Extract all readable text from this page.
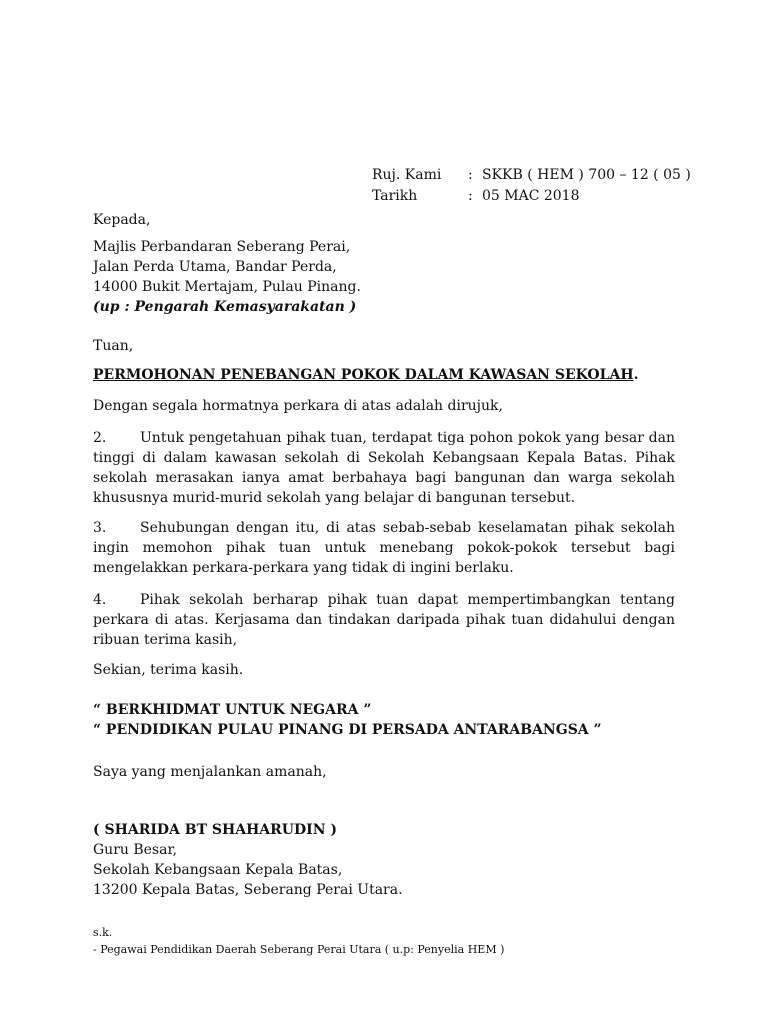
Ruj. Kami	: SKKB ( HEM ) 700 – 12 ( 05 )
Tarikh	: 05 MAC 2018
Kepada,
Majlis Perbandaran Seberang Perai,
Jalan Perda Utama, Bandar Perda,
14000 Bukit Mertajam, Pulau Pinang.
(up : Pengarah Kemasyarakatan )
Tuan,
PERMOHONAN PENEBANGAN POKOK DALAM KAWASAN SEKOLAH.
Dengan segala hormatnya perkara di atas adalah dirujuk,
2. Untuk pengetahuan pihak tuan, terdapat tiga pohon pokok yang besar dan tinggi di dalam kawasan sekolah di Sekolah Kebangsaan Kepala Batas. Pihak sekolah merasakan ianya amat berbahaya bagi bangunan dan warga sekolah khususnya murid-murid sekolah yang belajar di bangunan tersebut.
3. Sehubungan dengan itu, di atas sebab-sebab keselamatan pihak sekolah ingin memohon pihak tuan untuk menebang pokok-pokok tersebut bagi mengelakkan perkara-perkara yang tidak di ingini berlaku.
4. Pihak sekolah berharap pihak tuan dapat mempertimbangkan tentang perkara di atas. Kerjasama dan tindakan daripada pihak tuan didahului dengan ribuan terima kasih,
Sekian, terima kasih.
“ BERKHIDMAT UNTUK NEGARA ”
“ PENDIDIKAN PULAU PINANG DI PERSADA ANTARABANGSA ”
Saya yang menjalankan amanah,
( SHARIDA BT SHAHARUDIN )
Guru Besar,
Sekolah Kebangsaan Kepala Batas,
13200 Kepala Batas, Seberang Perai Utara.
s.k.
- Pegawai Pendidikan Daerah Seberang Perai Utara ( u.p: Penyelia HEM )
